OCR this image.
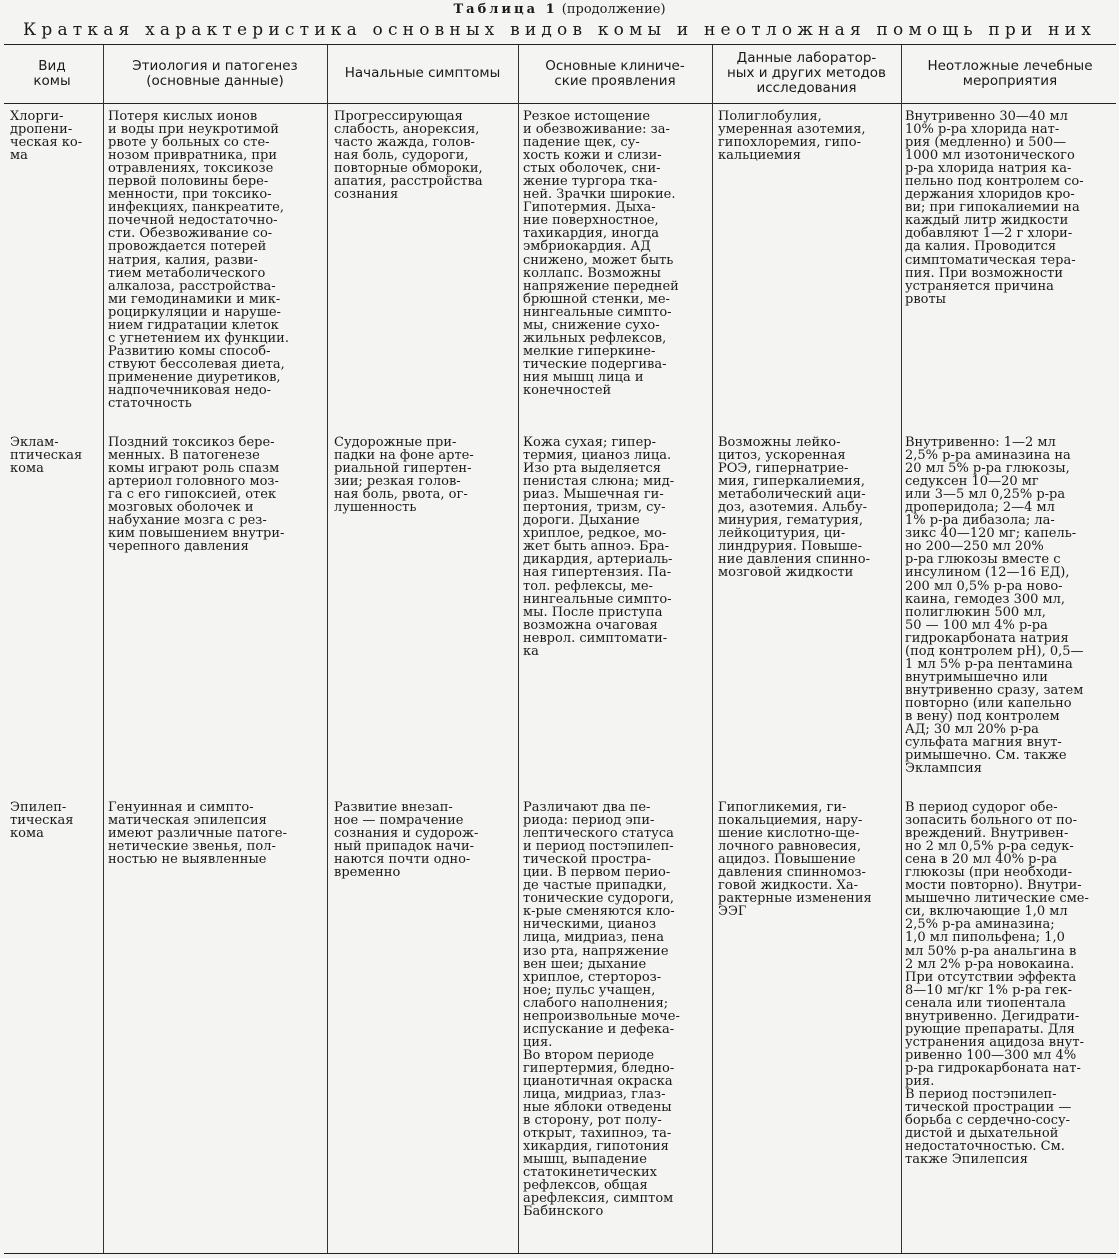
Таблица 1 (продолжение)
Краткая характеристика основных видов комы и неотложная помощь при них
Вид
комы
Этиология и патогенез
(основные данные)	Начальные симптомы	Основные клиниче-
ские проявления
Данные лаборатор-
ных и других методов
исследования
Неотложные лечебные
мероприятия
Хлорги-
дропени-
ческая ко-
ма
Потеря кислых ионов
и воды при неукротимой
рвоте у больных со сте-
нозом привратника, при
отравлениях, токсикозе
первой половины бере-
менности, при токсико-
инфекциях, панкреатите,
почечной недостаточно-
сти. Обезвоживание со-
провождается потерей
натрия, калия, разви-
тием метаболического
алкалоза, расстройства-
ми гемодинамики и мик-
роциркуляции и наруше-
нием гидратации клеток
с угнетением их функции.
Развитию комы способ-
ствуют бессолевая диета,
применение диуретиков,
надпочечниковая недо-
статочность
Прогрессирующая
слабость, анорексия,
часто жажда, голов-
ная боль, судороги,
повторные обмороки,
апатия, расстройства
сознания
Резкое истощение
и обезвоживание: за-
падение щек, су-
хость кожи и слизи-
стых оболочек, сни-
жение тургора тка-
ней. Зрачки широкие.
Гипотермия. Дыха-
ние поверхностное,
тахикардия, иногда
эмбриокардия. АД
снижено, может быть
коллапс. Возможны
напряжение передней
брюшной стенки, ме-
нингеальные симпто-
мы, снижение сухо-
жильных рефлексов,
мелкие гиперкине-
тические подергива-
ния мышц лица и
конечностей
Полиглобулия,
умеренная азотемия,
гипохлоремия, гипо-
кальциемия
Внутривенно 30—40 мл
10% р-ра хлорида нат-
рия (медленно) и 500—
1000 мл изотонического
р-ра хлорида натрия ка-
пельно под контролем со-
держания хлоридов кро-
ви; при гипокалиемии на
каждый литр жидкости
добавляют 1—2 г хлори-
да калия. Проводится
симптоматическая тера-
пия. При возможности
устраняется причина
рвоты
Эклам-
птическая
кома
Поздний токсикоз бере-
менных. В патогенезе
комы играют роль спазм
артериол головного моз-
га с его гипоксией, отек
мозговых оболочек и
набухание мозга с рез-
ким повышением внутри-
черепного давления
Судорожные при-
падки на фоне арте-
риальной гипертен-
зии; резкая голов-
ная боль, рвота, ог-
лушенность
Кожа сухая; гипер-
термия, цианоз лица.
Изо рта выделяется
пенистая слюна; мид-
риаз. Мышечная ги-
пертония, тризм, су-
дороги. Дыхание
хриплое, редкое, мо-
жет быть апноэ. Бра-
дикардия, артериаль-
ная гипертензия. Па-
тол. рефлексы, ме-
нингеальные симпто-
мы. После приступа
возможна очаговая
неврол. симптомати-
ка
Возможны лейко-
цитоз, ускоренная
РОЭ, гипернатрие-
мия, гиперкалиемия,
метаболический аци-
доз, азотемия. Альбу-
минурия, гематурия,
лейкоцитурия, ци-
линдрурия. Повыше-
ние давления спинно-
мозговой жидкости
Внутривенно: 1—2 мл
2,5% р-ра аминазина на
20 мл 5% р-ра глюкозы,
седуксен 10—20 мг
или 3—5 мл 0,25% р-ра
дроперидола; 2—4 мл
1% р-ра дибазола; ла-
зикс 40—120 мг; капель-
но 200—250 мл 20%
р-ра глюкозы вместе с
инсулином (12—16 ЕД),
200 мл 0,5% р-ра ново-
каина, гемодез 300 мл,
полиглюкин 500 мл,
50 — 100 мл 4% р-ра
гидрокарбоната натрия
(под контролем pH), 0,5—
1 мл 5% р-ра пентамина
внутримышечно или
внутривенно сразу, затем
повторно (или капельно
в вену) под контролем
АД; 30 мл 20% р-ра
сульфата магния внут-
римышечно. См. также
Эклампсия
Эпилеп-
тическая
кома
Генуинная и симпто-
матическая эпилепсия
имеют различные патоге-
нетические звенья, пол-
ностью не выявленные
Развитие внезап-
ное — помрачение
сознания и судорож-
ный припадок начи-
наются почти одно-
временно
Различают два пе-
риода: период эпи-
лептического статуса
и период постэпилеп-
тической прострa-
ции. В первом перио-
де частые припадки,
тонические судороги,
к-рые сменяются кло-
ническими, цианоз
лица, мидриаз, пена
изо рта, напряжение
вен шеи; дыхание
хриплое, стерторoз-
ное; пульс учащен,
слабого наполнения;
непроизвольные моче-
испускание и дефека-
ция.
Во втором периоде
гипертермия, бледно-
цианотичная окраска
лица, мидриаз, глаз-
ные яблоки отведены
в сторону, рот полу-
открыт, тахипноэ, та-
хикардия, гипотония
мышц, выпадение
статокинетических
рефлексов, общая
арефлексия, симптом
Бабинского
Гипогликемия, ги-
покальциемия, нару-
шение кислотно-ще-
лочного равновесия,
ацидоз. Повышение
давления спинномоз-
говой жидкости. Ха-
рактерные изменения
ЭЭГ
В период судорог обе-
зопасить больного от по-
вреждений. Внутривен-
но 2 мл 0,5% р-ра седук-
сена в 20 мл 40% р-ра
глюкозы (при необходи-
мости повторно). Внутри-
мышечно литические сме-
си, включающие 1,0 мл
2,5% р-ра аминазина;
1,0 мл пипольфена; 1,0
мл 50% р-ра анальгина в
2 мл 2% р-ра новокаина.
При отсутствии эффекта
8—10 мг/кг 1% р-ра гек-
сенала или тиопентала
внутривенно. Дегидрати-
рующие препараты. Для
устранения ацидоза внут-
ривенно 100—300 мл 4%
р-ра гидрокарбоната нат-
рия.
В период постэпилеп-
тической прострации —
борьба с сердечно-сосу-
дистой и дыхательной
недостаточностью. См.
также Эпилепсия
